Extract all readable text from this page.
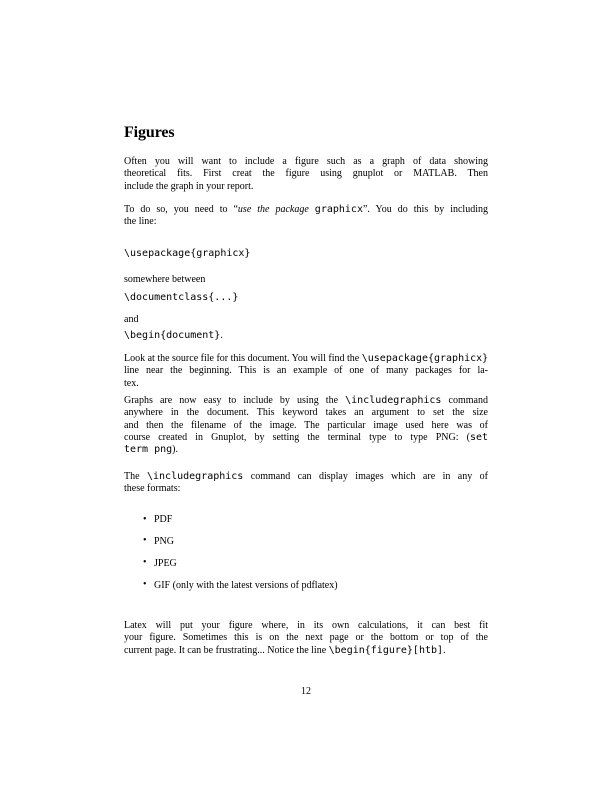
Figures
Often you will want to include a figure such as a graph of data showing
theoretical fits. First creat the figure using gnuplot or MATLAB. Then
include the graph in your report.
To do so, you need to “use the package graphicx”. You do this by including
the line:
\usepackage{graphicx}
somewhere between
\documentclass{...}
and
\begin{document}.
Look at the source file for this document. You will find the \usepackage{graphicx}
line near the beginning. This is an example of one of many packages for la-
tex.
Graphs are now easy to include by using the \includegraphics command
anywhere in the document. This keyword takes an argument to set the size
and then the filename of the image. The particular image used here was of
course created in Gnuplot, by setting the terminal type to type PNG: (set
term png).
The \includegraphics command can display images which are in any of
these formats:
• PDF
• PNG
• JPEG
• GIF (only with the latest versions of pdflatex)
Latex will put your figure where, in its own calculations, it can best fit
your figure. Sometimes this is on the next page or the bottom or top of the
current page. It can be frustrating... Notice the line \begin{figure}[htb].
12
